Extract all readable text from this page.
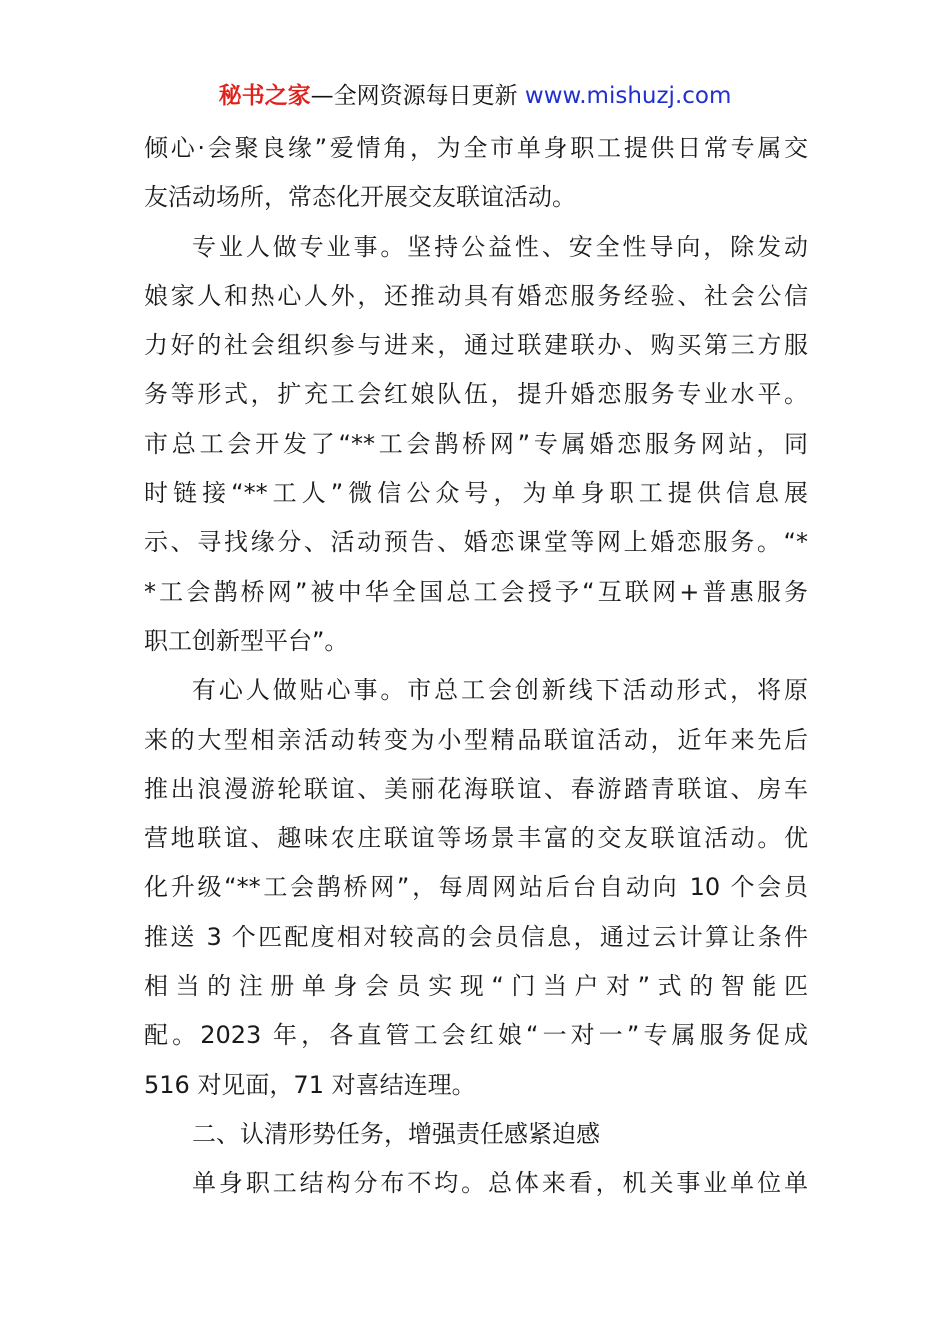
秘书之家—全网资源每日更新 www.mishuzj.com
倾心·会聚良缘”爱情角，为全市单身职工提供日常专属交
友活动场所，常态化开展交友联谊活动。
专业人做专业事。坚持公益性、安全性导向，除发动
娘家人和热心人外，还推动具有婚恋服务经验、社会公信
力好的社会组织参与进来，通过联建联办、购买第三方服
务等形式，扩充工会红娘队伍，提升婚恋服务专业水平。
市总工会开发了“**工会鹊桥网”专属婚恋服务网站，同
时链接“**工人”微信公众号，为单身职工提供信息展
示、寻找缘分、活动预告、婚恋课堂等网上婚恋服务。“*
*工会鹊桥网”被中华全国总工会授予“互联网+普惠服务
职工创新型平台”。
有心人做贴心事。市总工会创新线下活动形式，将原
来的大型相亲活动转变为小型精品联谊活动，近年来先后
推出浪漫游轮联谊、美丽花海联谊、春游踏青联谊、房车
营地联谊、趣味农庄联谊等场景丰富的交友联谊活动。优
化升级“**工会鹊桥网”，每周网站后台自动向 10 个会员
推送 3 个匹配度相对较高的会员信息，通过云计算让条件
相当的注册单身会员实现“门当户对”式的智能匹
配。2023 年，各直管工会红娘“一对一”专属服务促成
516 对见面，71 对喜结连理。
二、认清形势任务，增强责任感紧迫感
单身职工结构分布不均。总体来看，机关事业单位单
